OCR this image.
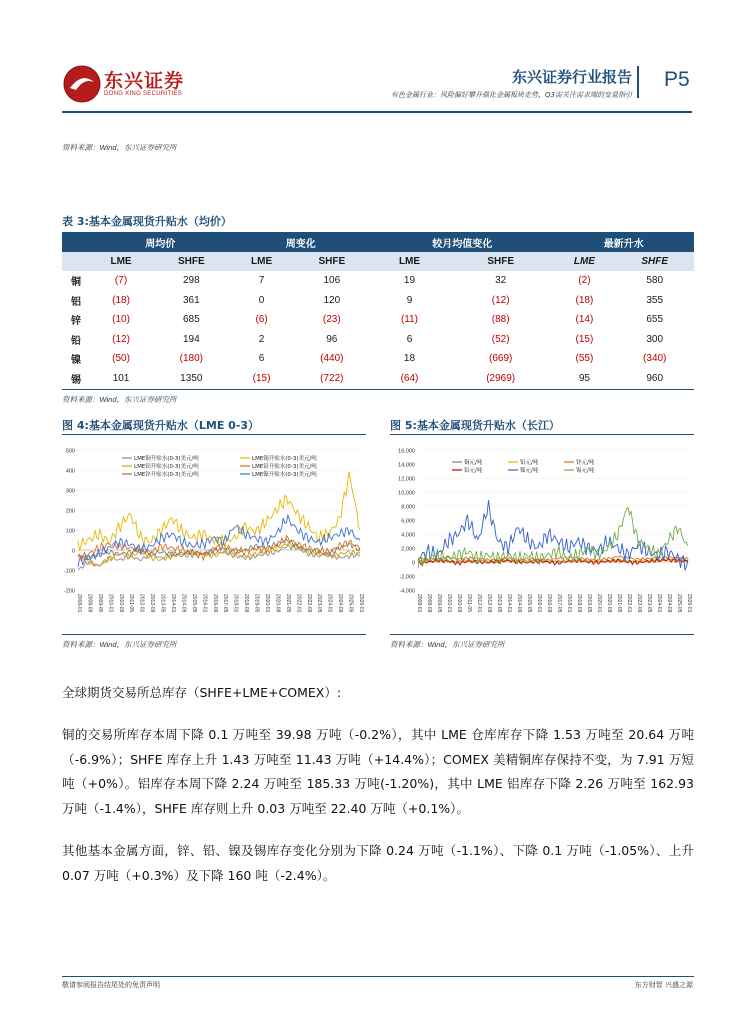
东兴证券
DONG XING SECURITIES
东兴证券行业报告
有色金属行业：风险偏好攀升强化金属板块走势，Q3需关注需求端的变量指引
P5
资料来源：Wind，东兴证券研究所
表 3:基本金属现货升贴水（均价）
	周均价		周变化		较月均值变化		最新升水	
	LME	SHFE	LME	SHFE	LME	SHFE	LME	SHFE
铜	(7)	298	7	106	19	32	(2)	580
铝	(18)	361	0	120	9	(12)	(18)	355
锌	(10)	685	(6)	(23)	(11)	(88)	(14)	655
铅	(12)	194	2	96	6	(52)	(15)	300
镍	(50)	(180)	6	(440)	18	(669)	(55)	(340)
锡	101	1350	(15)	(722)	(64)	(2969)	95	960
资料来源：Wind，东兴证券研究所
图 4:基本金属现货升贴水（LME 0-3）	图 5:基本金属现货升贴水（长江）
500
400
300
200
100
0
-100
-200
2008-01 2008-09 2009-05 2010-01 2010-09 2011-05 2012-01 2012-09 2013-05 2014-01 2014-09 2015-05 2016-01 2016-09 2017-05 2018-01 2018-09 2019-05 2020-01 2020-09 2021-05 2022-01 2022-09 2023-05 2024-01 2024-09 2025-05 2026-01
LME铜升贴水(0-3)美元/吨	LME锡升贴水(0-3)美元/吨
LME铝升贴水(0-3)美元/吨	LME铅升贴水(0-3)美元/吨
LME锌升贴水(0-3)美元/吨	LME镍升贴水(0-3)美元/吨
16,000
14,000
12,000
10,000
8,000
6,000
4,000
2,000
0
-2,000
-4,000
2008-01 2008-09 2009-05 2010-01 2010-09 2011-05 2012-01 2012-09 2013-05 2014-01 2014-09 2015-05 2016-01 2016-09 2017-05 2018-01 2018-09 2019-05 2020-01 2020-09 2021-05 2022-01 2022-09 2023-05 2024-01 2024-09 2025-05 2026-01
铜元/吨	铝元/吨	锌元/吨
铅元/吨	镍元/吨	锡元/吨
资料来源：Wind，东兴证券研究所	资料来源：Wind，东兴证券研究所
全球期货交易所总库存（SHFE+LME+COMEX）:
铜的交易所库存本周下降 0.1 万吨至 39.98 万吨（-0.2%），其中 LME 仓库库存下降 1.53 万吨至 20.64 万吨（-6.9%）；SHFE 库存上升 1.43 万吨至 11.43 万吨（+14.4%）；COMEX 美精铜库存保持不变，为 7.91 万短吨（+0%）。铝库存本周下降 2.24 万吨至 185.33 万吨(-1.20%)，其中 LME 铝库存下降 2.26 万吨至 162.93 万吨（-1.4%），SHFE 库存则上升 0.03 万吨至 22.40 万吨（+0.1%）。
其他基本金属方面，锌、铅、镍及锡库存变化分别为下降 0.24 万吨（-1.1%）、下降 0.1 万吨（-1.05%）、上升 0.07 万吨（+0.3%）及下降 160 吨（-2.4%）。
敬请参阅报告结尾处的免责声明	东方财智 兴盛之源
